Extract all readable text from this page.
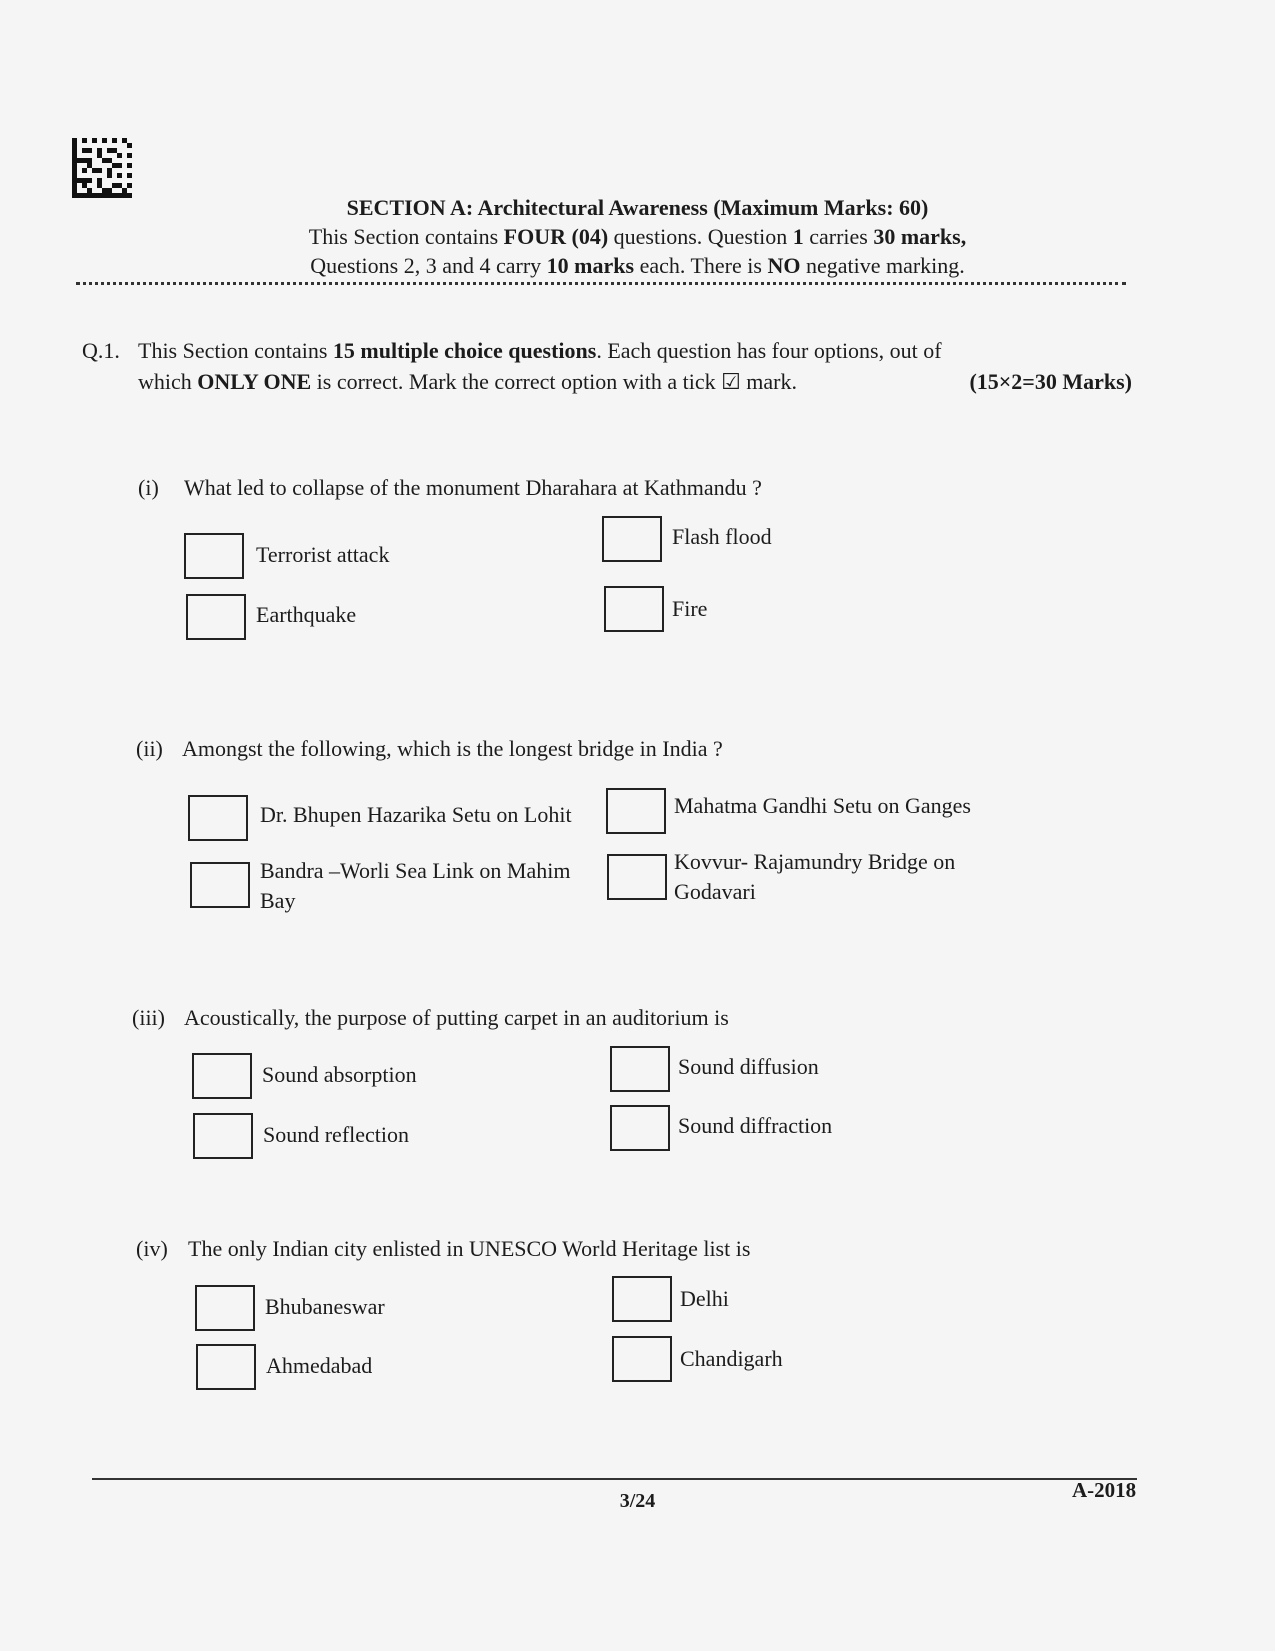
SECTION A: Architectural Awareness (Maximum Marks: 60)
This Section contains FOUR (04) questions. Question 1 carries 30 marks,
Questions 2, 3 and 4 carry 10 marks each. There is NO negative marking.
Q.1. This Section contains 15 multiple choice questions. Each question has four options, out of which ONLY ONE is correct. Mark the correct option with a tick ☑ mark.	(15×2=30 Marks)
(i) What led to collapse of the monument Dharahara at Kathmandu ?
Terrorist attack
Flash flood
Earthquake	Fire
(ii) Amongst the following, which is the longest bridge in India ?
Dr. Bhupen Hazarika Setu on Lohit	Mahatma Gandhi Setu on Ganges
Bandra –Worli Sea Link on Mahim Bay
Kovvur- Rajamundry Bridge on Godavari
(iii) Acoustically, the purpose of putting carpet in an auditorium is
Sound absorption	Sound diffusion
Sound reflection	Sound diffraction
(iv) The only Indian city enlisted in UNESCO World Heritage list is
Bhubaneswar	Delhi
Ahmedabad	Chandigarh
3/24	A-2018
